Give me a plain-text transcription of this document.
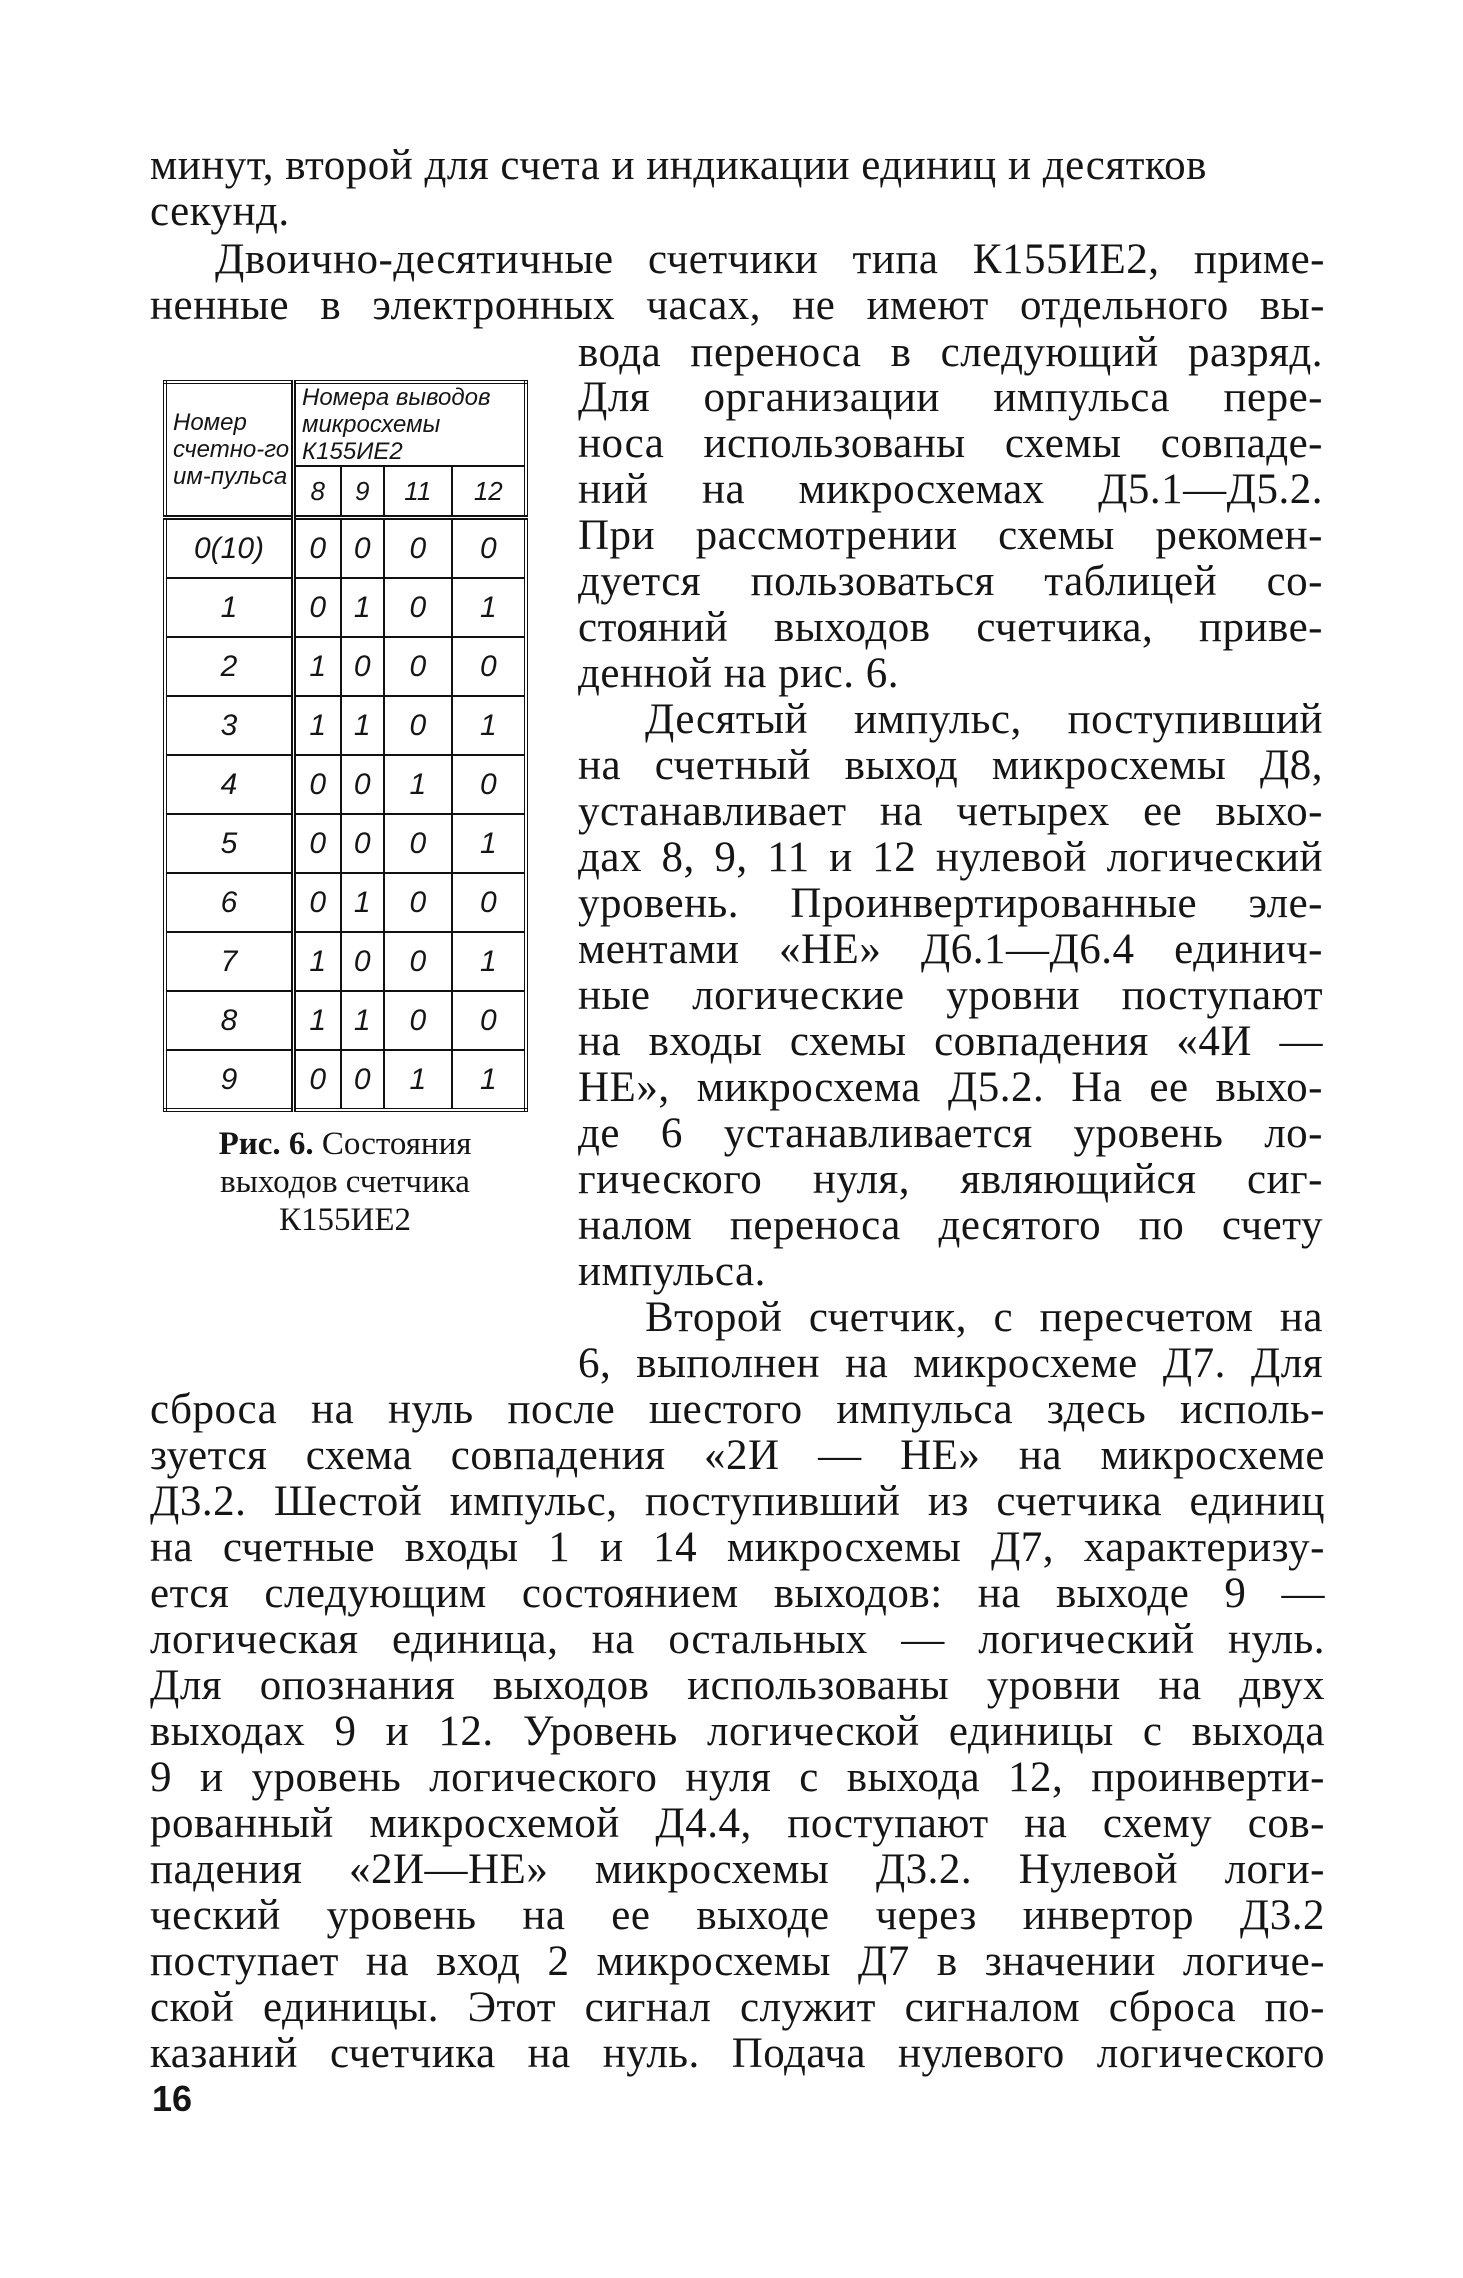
минут, второй для счета и индикации единиц и десятков
секунд.
Двоично-десятичные счетчики типа К155ИЕ2, приме-
ненные в электронных часах, не имеют отдельного вы-
вода переноса в следующий разряд.
Для организации импульса пере-
носа использованы схемы совпаде-
ний на микросхемах Д5.1—Д5.2.
При рассмотрении схемы рекомен-
дуется пользоваться таблицей со-
стояний выходов счетчика, приве-
денной на рис. 6.
Десятый импульс, поступивший
на счетный выход микросхемы Д8,
устанавливает на четырех ее выхо-
дах 8, 9, 11 и 12 нулевой логический
уровень. Проинвертированные эле-
ментами «НЕ» Д6.1—Д6.4 единич-
ные логические уровни поступают
на входы схемы совпадения «4И —
НЕ», микросхема Д5.2. На ее выхо-
де 6 устанавливается уровень ло-
гического нуля, являющийся сиг-
налом переноса десятого по счету
импульса.
Второй счетчик, с пересчетом на
6, выполнен на микросхеме Д7. Для
сброса на нуль после шестого импульса здесь исполь-
зуется схема совпадения «2И — НЕ» на микросхеме
Д3.2. Шестой импульс, поступивший из счетчика единиц
на счетные входы 1 и 14 микросхемы Д7, характеризу-
ется следующим состоянием выходов: на выходе 9 —
логическая единица, на остальных — логический нуль.
Для опознания выходов использованы уровни на двух
выходах 9 и 12. Уровень логической единицы с выхода
9 и уровень логического нуля с выхода 12, проинверти-
рованный микросхемой Д4.4, поступают на схему сов-
падения «2И—НЕ» микросхемы Д3.2. Нулевой логи-
ческий уровень на ее выходе через инвертор Д3.2
поступает на вход 2 микросхемы Д7 в значении логиче-
ской единицы. Этот сигнал служит сигналом сброса по-
казаний счетчика на нуль. Подача нулевого логического
Номер счетно-го им-пульса	Номера выводов микросхемы К155ИЕ2			
	8	9	11	12
0(10)	0	0	0	0
1	0	1	0	1
2	1	0	0	0
3	1	1	0	1
4	0	0	1	0
5	0	0	0	1
6	0	1	0	0
7	1	0	0	1
8	1	1	0	0
9	0	0	1	1
Рис. 6. Состояния выходов счетчика К155ИЕ2
16
